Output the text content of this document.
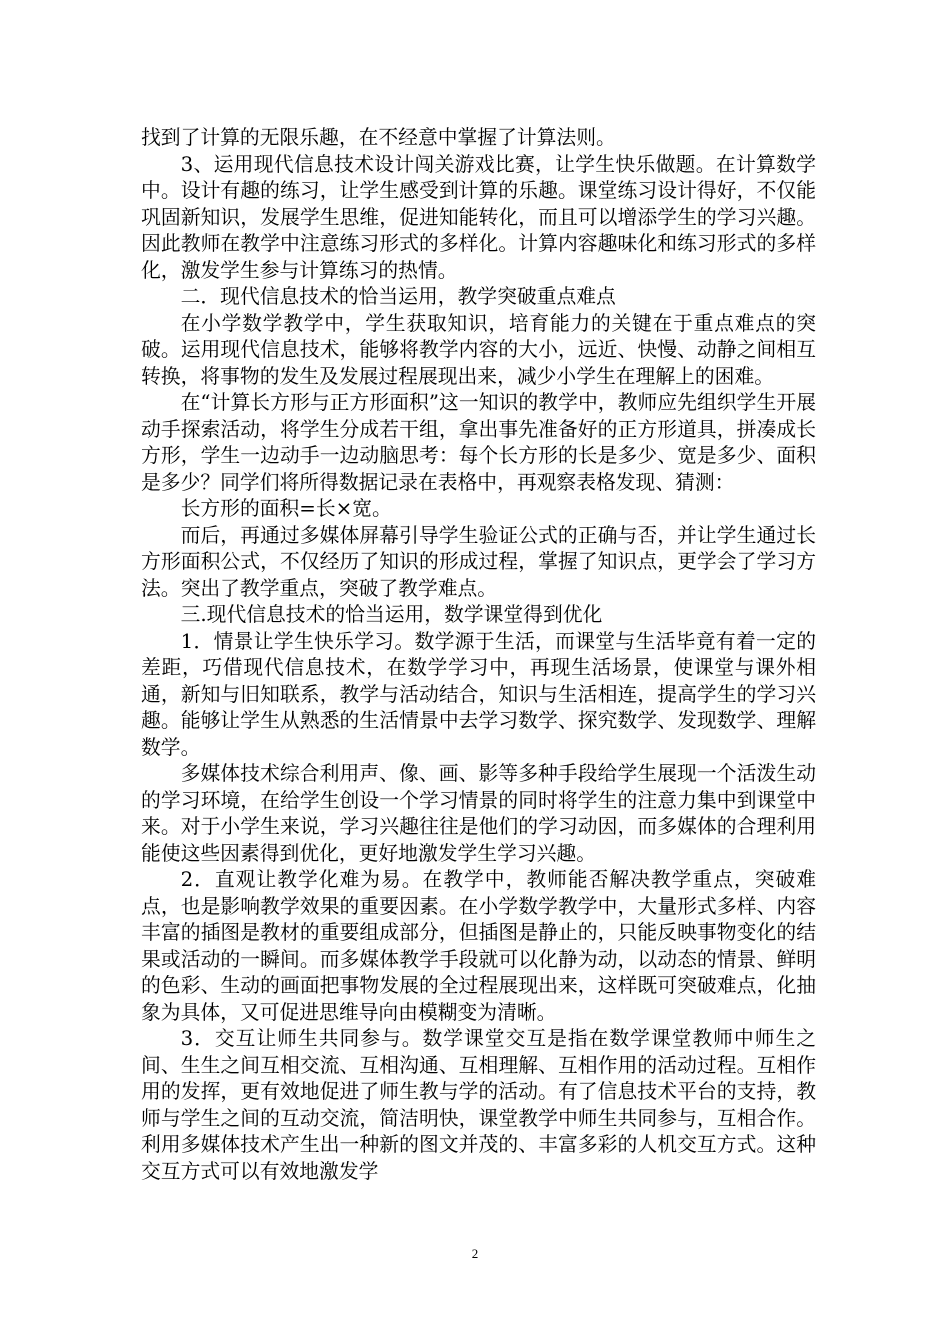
找到了计算的无限乐趣，在不经意中掌握了计算法则。

3、运用现代信息技术设计闯关游戏比赛，让学生快乐做题。在计算数学中。设计有趣的练习，让学生感受到计算的乐趣。课堂练习设计得好，不仅能巩固新知识，发展学生思维，促进知能转化，而且可以增添学生的学习兴趣。因此教师在教学中注意练习形式的多样化。计算内容趣味化和练习形式的多样化，激发学生参与计算练习的热情。

二．现代信息技术的恰当运用，教学突破重点难点

在小学数学教学中，学生获取知识，培育能力的关键在于重点难点的突破。运用现代信息技术，能够将教学内容的大小，远近、快慢、动静之间相互转换，将事物的发生及发展过程展现出来，减少小学生在理解上的困难。

在“计算长方形与正方形面积”这一知识的教学中，教师应先组织学生开展动手探索活动，将学生分成若干组，拿出事先准备好的正方形道具，拼凑成长方形，学生一边动手一边动脑思考：每个长方形的长是多少、宽是多少、面积是多少？同学们将所得数据记录在表格中，再观察表格发现、猜测：

长方形的面积=长×宽。

而后，再通过多媒体屏幕引导学生验证公式的正确与否，并让学生通过长方形面积公式，不仅经历了知识的形成过程，掌握了知识点，更学会了学习方法。突出了教学重点，突破了教学难点。

三.现代信息技术的恰当运用，数学课堂得到优化

1．情景让学生快乐学习。数学源于生活，而课堂与生活毕竟有着一定的差距，巧借现代信息技术，在数学学习中，再现生活场景，使课堂与课外相通，新知与旧知联系，教学与活动结合，知识与生活相连，提高学生的学习兴趣。能够让学生从熟悉的生活情景中去学习数学、探究数学、发现数学、理解数学。

多媒体技术综合利用声、像、画、影等多种手段给学生展现一个活泼生动的学习环境，在给学生创设一个学习情景的同时将学生的注意力集中到课堂中来。对于小学生来说，学习兴趣往往是他们的学习动因，而多媒体的合理利用能使这些因素得到优化，更好地激发学生学习兴趣。

2．直观让教学化难为易。在教学中，教师能否解决教学重点，突破难点，也是影响教学效果的重要因素。在小学数学教学中，大量形式多样、内容丰富的插图是教材的重要组成部分，但插图是静止的，只能反映事物变化的结果或活动的一瞬间。而多媒体教学手段就可以化静为动，以动态的情景、鲜明的色彩、生动的画面把事物发展的全过程展现出来，这样既可突破难点，化抽象为具体，又可促进思维导向由模糊变为清晰。

3．交互让师生共同参与。数学课堂交互是指在数学课堂教师中师生之间、生生之间互相交流、互相沟通、互相理解、互相作用的活动过程。互相作用的发挥，更有效地促进了师生教与学的活动。有了信息技术平台的支持，教师与学生之间的互动交流，简洁明快，课堂教学中师生共同参与，互相合作。利用多媒体技术产生出一种新的图文并茂的、丰富多彩的人机交互方式。这种交互方式可以有效地激发学

2
